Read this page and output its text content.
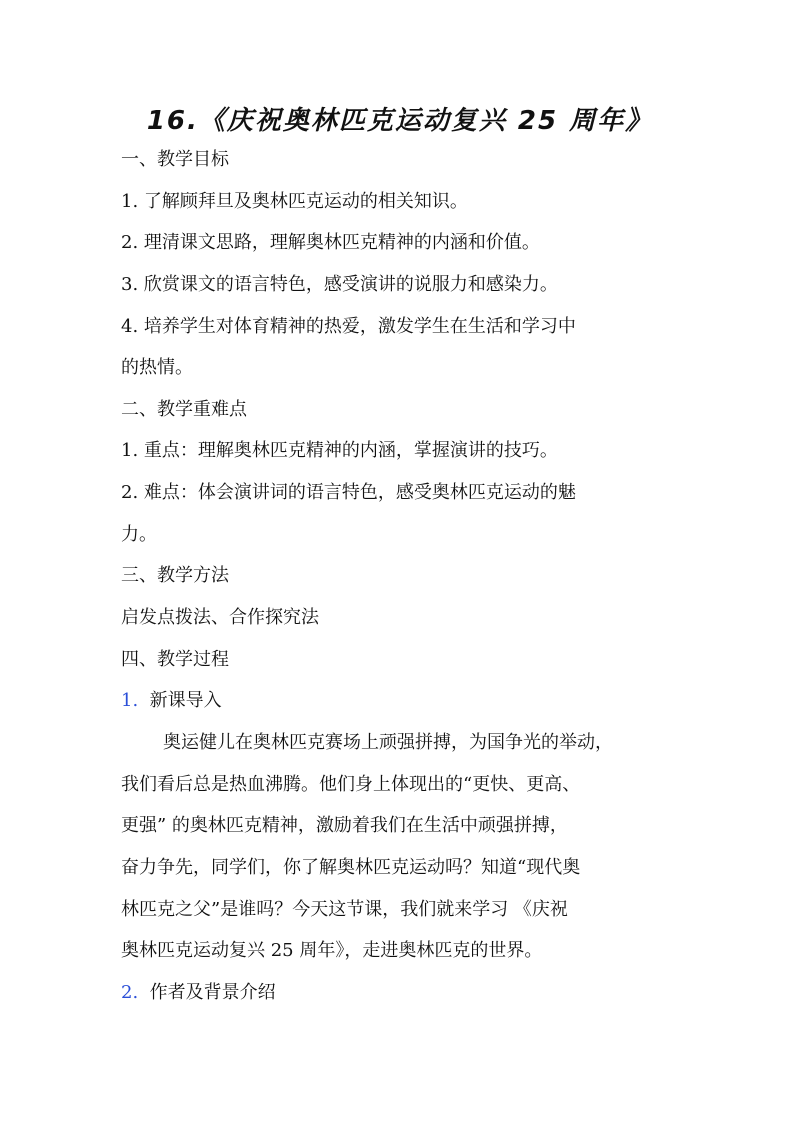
16.《庆祝奥林匹克运动复兴 25 周年》
一、教学目标
1. 了解顾拜旦及奥林匹克运动的相关知识。
2. 理清课文思路，理解奥林匹克精神的内涵和价值。
3. 欣赏课文的语言特色，感受演讲的说服力和感染力。
4. 培养学生对体育精神的热爱，激发学生在生活和学习中
的热情。
二、教学重难点
1. 重点：理解奥林匹克精神的内涵，掌握演讲的技巧。
2. 难点：体会演讲词的语言特色，感受奥林匹克运动的魅
力。
三、教学方法
启发点拨法、合作探究法
四、教学过程
1. 新课导入
奥运健儿在奥林匹克赛场上顽强拼搏，为国争光的举动，
我们看后总是热血沸腾。他们身上体现出的“更快、更高、
更强” 的奥林匹克精神，激励着我们在生活中顽强拼搏，
奋力争先，同学们，你了解奥林匹克运动吗？知道“现代奥
林匹克之父”是谁吗？今天这节课，我们就来学习 《庆祝
奥林匹克运动复兴 25 周年》，走进奥林匹克的世界。
2. 作者及背景介绍
